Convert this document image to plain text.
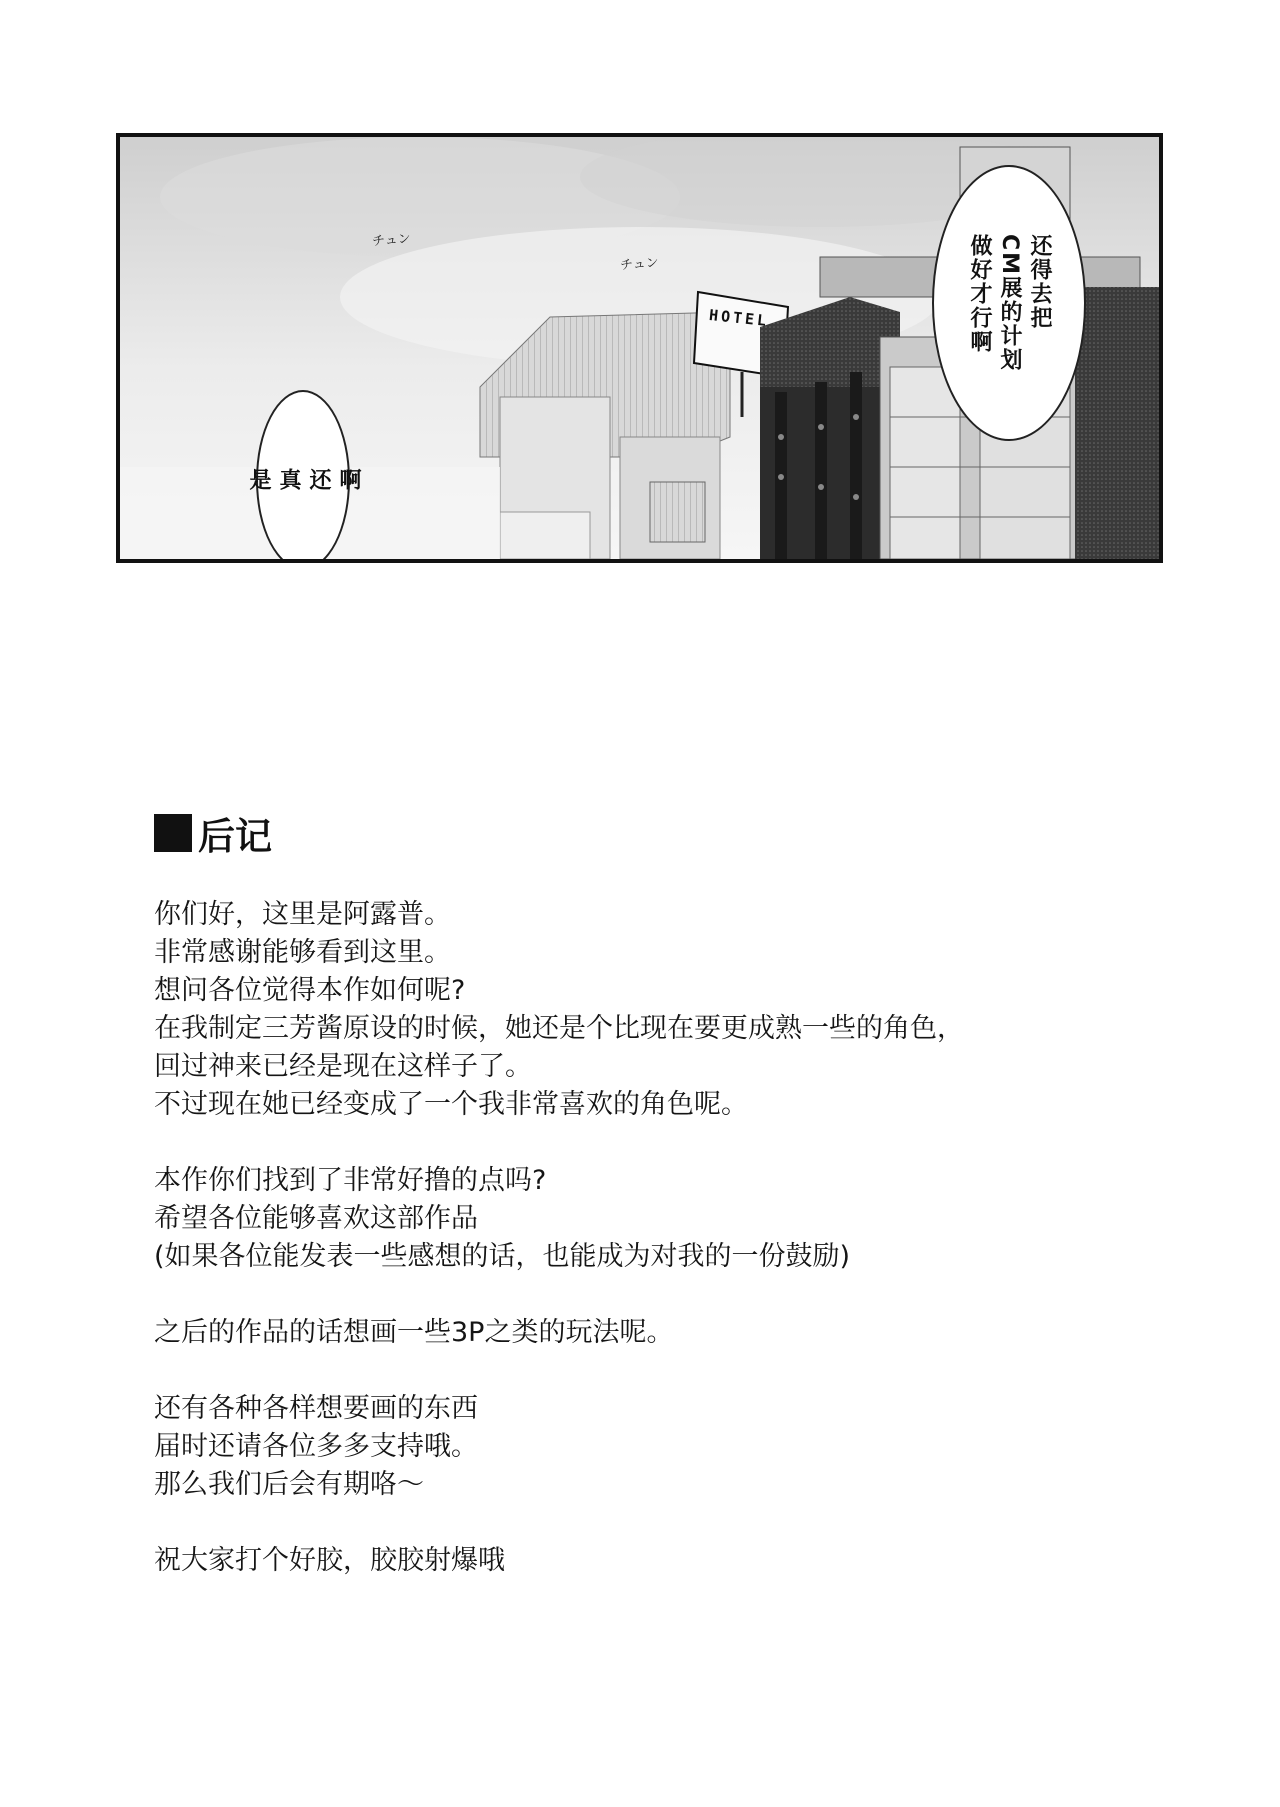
チュン
チュン
HOTEL
啊
还
真
是
还得去把
CM展的计划
做好才行啊
后记

你们好，这里是阿露普。

非常感谢能够看到这里。

想问各位觉得本作如何呢?

在我制定三芳酱原设的时候，她还是个比现在要更成熟一些的角色，

回过神来已经是现在这样子了。

不过现在她已经变成了一个我非常喜欢的角色呢。

本作你们找到了非常好撸的点吗?

希望各位能够喜欢这部作品

(如果各位能发表一些感想的话，也能成为对我的一份鼓励)

之后的作品的话想画一些3P之类的玩法呢。

还有各种各样想要画的东西

届时还请各位多多支持哦。

那么我们后会有期咯～

祝大家打个好胶，胶胶射爆哦
